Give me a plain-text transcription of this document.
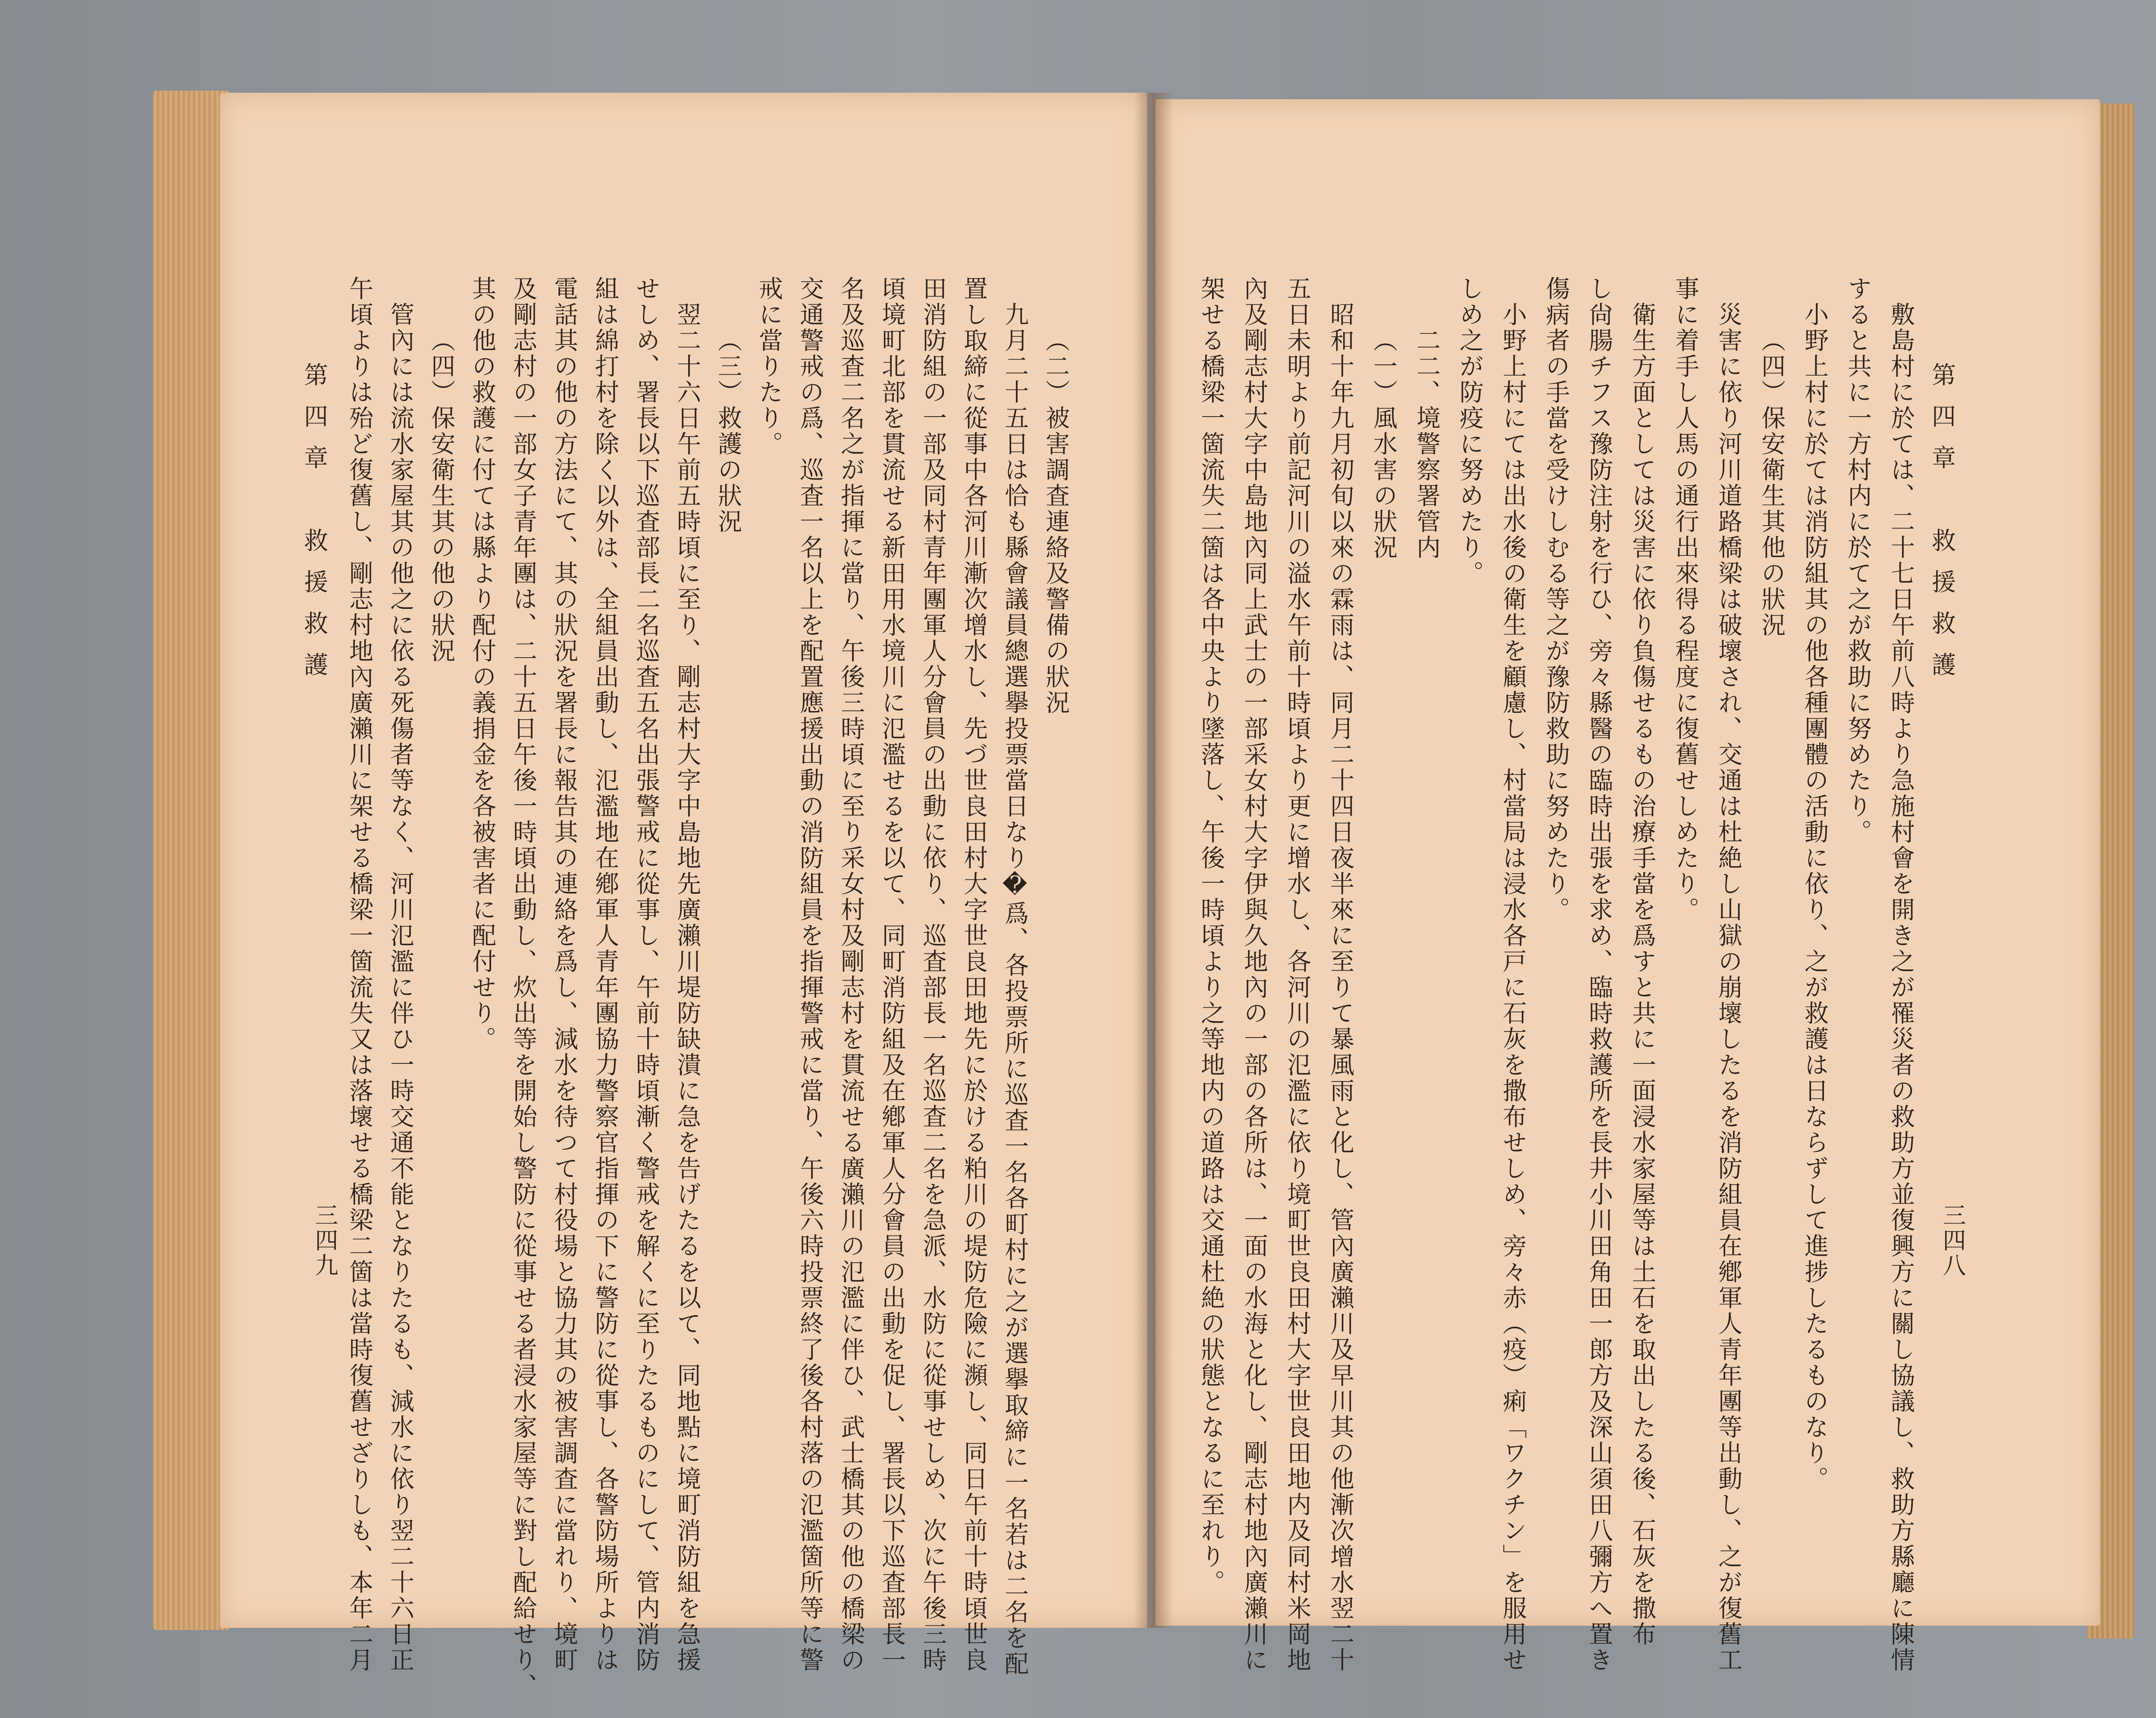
第四章　救援救護
三四八
三四九
第四章　救援救護	（二）被害調査連絡及警備の狀況
九月二十五日は恰も縣會議員總選擧投票當日なり�爲、各投票所に巡査一名各町村に之が選擧取締に一名若は二名を配
置し取締に從事中各河川漸次增水し、先づ世良田村大字世良田地先に於ける粕川の堤防危險に瀕し、同日午前十時頃世良
田消防組の一部及同村青年團軍人分會員の出動に依り、巡査部長一名巡査二名を急派、水防に從事せしめ、次に午後三時
頃境町北部を貫流せる新田用水境川に氾濫せるを以て、同町消防組及在鄕軍人分會員の出動を促し、署長以下巡査部長一
名及巡査二名之が指揮に當り、午後三時頃に至り采女村及剛志村を貫流せる廣瀨川の氾濫に伴ひ、武士橋其の他の橋梁の
交通警戒の爲、巡査一名以上を配置應援出動の消防組員を指揮警戒に當り、午後六時投票終了後各村落の氾濫箇所等に警
戒に當りたり。
（三）救護の狀況
翌二十六日午前五時頃に至り、剛志村大字中島地先廣瀨川堤防缺潰に急を告げたるを以て、同地點に境町消防組を急援
せしめ、署長以下巡査部長二名巡査五名出張警戒に從事し、午前十時頃漸く警戒を解くに至りたるものにして、管内消防
組は綿打村を除く以外は、全組員出動し、氾濫地在鄕軍人青年團協力警察官指揮の下に警防に從事し、各警防場所よりは
電話其の他の方法にて、其の狀況を署長に報告其の連絡を爲し、減水を待つて村役場と協力其の被害調査に當れり、境町
及剛志村の一部女子青年團は、二十五日午後一時頃出動し、炊出等を開始し警防に從事せる者浸水家屋等に對し配給せり、
其の他の救護に付ては縣より配付の義捐金を各被害者に配付せり。
（四）保安衛生其の他の狀況
管內には流水家屋其の他之に依る死傷者等なく、河川氾濫に伴ひ一時交通不能となりたるも、減水に依り翌二十六日正
午頃よりは殆ど復舊し、剛志村地內廣瀨川に架せる橋梁一箇流失又は落壞せる橋梁二箇は當時復舊せざりしも、本年二月	敷島村に於ては、二十七日午前八時より急施村會を開き之が罹災者の救助方並復興方に關し協議し、救助方縣廳に陳情
すると共に一方村内に於て之が救助に努めたり。
小野上村に於ては消防組其の他各種團體の活動に依り、之が救護は日ならずして進捗したるものなり。
（四）保安衛生其他の狀況
災害に依り河川道路橋梁は破壞され、交通は杜絶し山獄の崩壞したるを消防組員在鄕軍人青年團等出動し、之が復舊工
事に着手し人馬の通行出來得る程度に復舊せしめたり。
衛生方面としては災害に依り負傷せるもの治療手當を爲すと共に一面浸水家屋等は土石を取出したる後、石灰を撒布
し尙腸チフス豫防注射を行ひ、旁々縣醫の臨時出張を求め、臨時救護所を長井小川田角田一郎方及深山須田八彌方へ置き
傷病者の手當を受けしむる等之が豫防救助に努めたり。
小野上村にては出水後の衛生を顧慮し、村當局は浸水各戸に石灰を撒布せしめ、旁々赤（疫）痢「ワクチン」を服用せ
しめ之が防疫に努めたり。
二二、境警察署管内
（一）風水害の狀況
昭和十年九月初旬以來の霖雨は、同月二十四日夜半來に至りて暴風雨と化し、管內廣瀨川及早川其の他漸次增水翌二十
五日未明より前記河川の溢水午前十時頃より更に增水し、各河川の氾濫に依り境町世良田村大字世良田地内及同村米岡地
內及剛志村大字中島地內同上武士の一部采女村大字伊與久地內の一部の各所は、一面の水海と化し、剛志村地內廣瀨川に
架せる橋梁一箇流失二箇は各中央より墜落し、午後一時頃より之等地内の道路は交通杜絶の狀態となるに至れり。
